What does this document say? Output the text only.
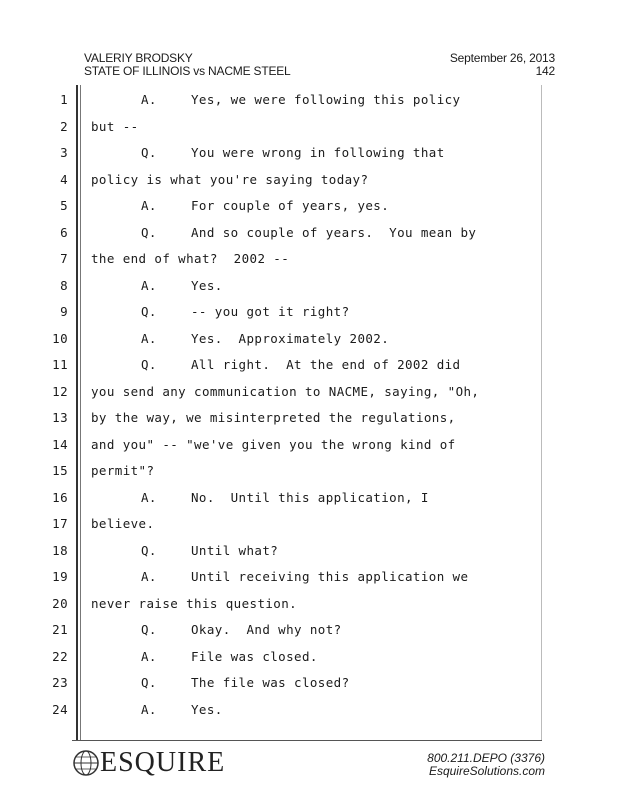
VALERIY BRODSKY
STATE OF ILLINOIS vs NACME STEEL
September 26, 2013
142
1	A.	Yes, we were following this policy
2 but --
3	Q.	You were wrong in following that
4 policy is what you're saying today?
5	A.	For couple of years, yes.
6	Q.	And so couple of years.  You mean by
7 the end of what?  2002 --
8	A.	Yes.
9	Q.	-- you got it right?
10	A.	Yes.  Approximately 2002.
11	Q.	All right.  At the end of 2002 did
12 you send any communication to NACME, saying, "Oh,
13 by the way, we misinterpreted the regulations,
14 and you" -- "we've given you the wrong kind of
15 permit"?
16	A.	No.  Until this application, I
17 believe.
18	Q.	Until what?
19	A.	Until receiving this application we
20 never raise this question.
21	Q.	Okay.  And why not?
22	A.	File was closed.
23	Q.	The file was closed?
24	A.	Yes.
ESQUIRE	800.211.DEPO (3376)
EsquireSolutions.com
